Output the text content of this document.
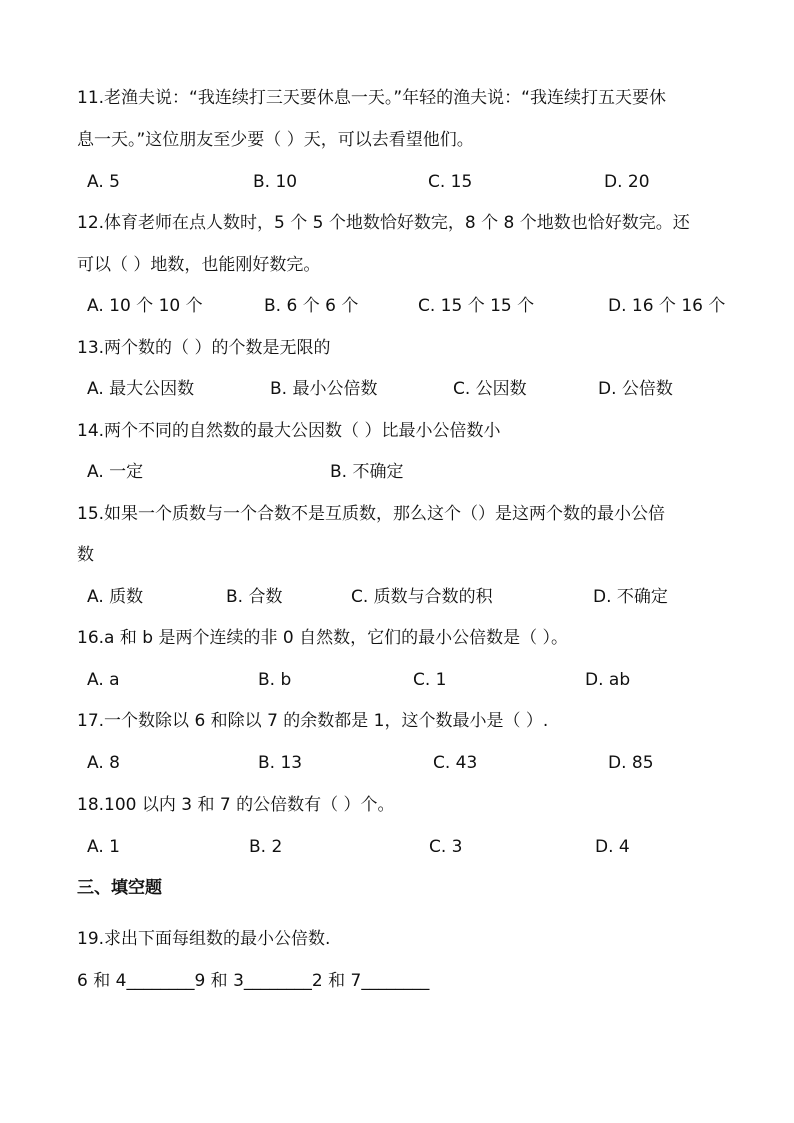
11.老渔夫说：“我连续打三天要休息一天。”年轻的渔夫说：“我连续打五天要休
息一天。”这位朋友至少要（ ）天，可以去看望他们。
A. 5	B. 10	C. 15	D. 20
12.体育老师在点人数时，5 个 5 个地数恰好数完，8 个 8 个地数也恰好数完。还
可以（ ）地数，也能刚好数完。
A. 10 个 10 个	B. 6 个 6 个	C. 15 个 15 个	D. 16 个 16 个
13.两个数的（ ）的个数是无限的
A. 最大公因数	B. 最小公倍数	C. 公因数	D. 公倍数
14.两个不同的自然数的最大公因数（ ）比最小公倍数小
A. 一定	B. 不确定
15.如果一个质数与一个合数不是互质数，那么这个（）是这两个数的最小公倍
数
A. 质数	B. 合数	C. 质数与合数的积	D. 不确定
16.a 和 b 是两个连续的非 0 自然数，它们的最小公倍数是（ ）。
A. a	B. b	C. 1	D. ab
17.一个数除以 6 和除以 7 的余数都是 1，这个数最小是（ ）.
A. 8	B. 13	C. 43	D. 85
18.100 以内 3 和 7 的公倍数有（ ）个。
A. 1	B. 2	C. 3	D. 4
三、填空题
19.求出下面每组数的最小公倍数.
6 和 4________9 和 3________2 和 7________
